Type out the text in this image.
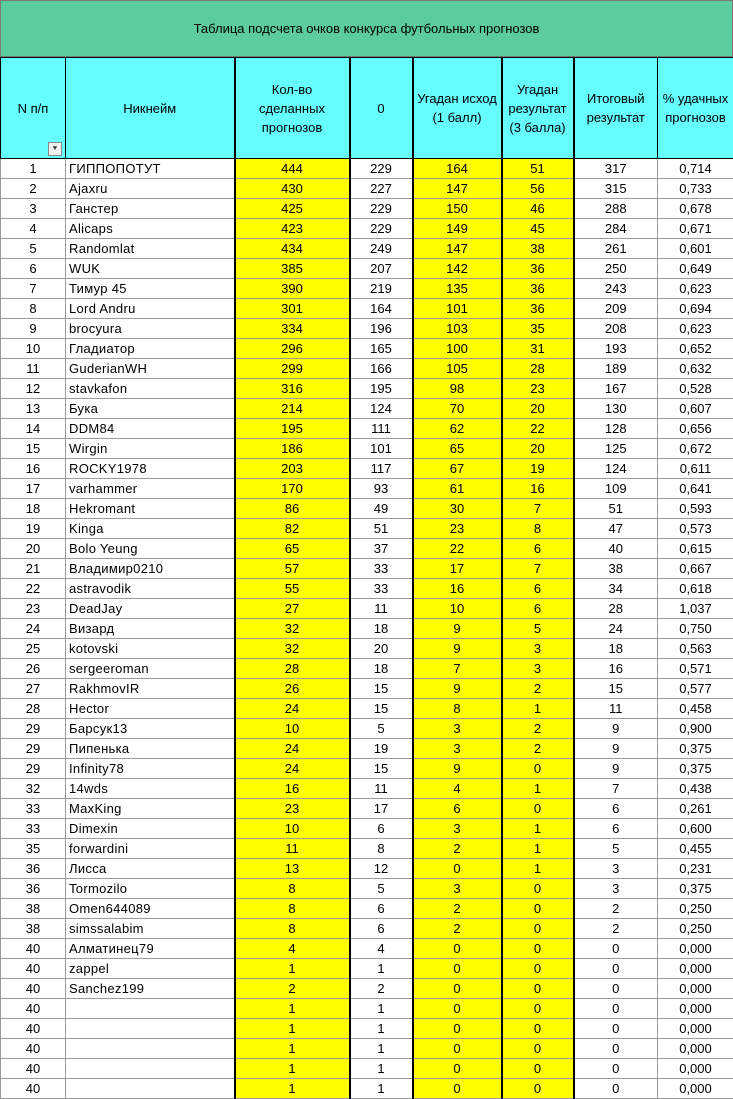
Таблица подсчета очков конкурса футбольных прогнозов
N п/п
⯆	Никнейм	Кол-во сделанных прогнозов	0	Угадан исход (1 балл)	Угадан результат (3 балла)	Итоговый результат	% удачных прогнозов
1	ГИППОПОТУТ	444	229	164	51	317	0,714
2	Ajaxru	430	227	147	56	315	0,733
3	Ганстер	425	229	150	46	288	0,678
4	Alicaps	423	229	149	45	284	0,671
5	Randomlat	434	249	147	38	261	0,601
6	WUK	385	207	142	36	250	0,649
7	Тимур 45	390	219	135	36	243	0,623
8	Lord Andru	301	164	101	36	209	0,694
9	brocyura	334	196	103	35	208	0,623
10	Гладиатор	296	165	100	31	193	0,652
11	GuderianWH	299	166	105	28	189	0,632
12	stavkafon	316	195	98	23	167	0,528
13	Бука	214	124	70	20	130	0,607
14	DDM84	195	111	62	22	128	0,656
15	Wirgin	186	101	65	20	125	0,672
16	ROCKY1978	203	117	67	19	124	0,611
17	varhammer	170	93	61	16	109	0,641
18	Hekromant	86	49	30	7	51	0,593
19	Kinga	82	51	23	8	47	0,573
20	Bolo Yeung	65	37	22	6	40	0,615
21	Владимир0210	57	33	17	7	38	0,667
22	astravodik	55	33	16	6	34	0,618
23	DeadJay	27	11	10	6	28	1,037
24	Визард	32	18	9	5	24	0,750
25	kotovski	32	20	9	3	18	0,563
26	sergeeroman	28	18	7	3	16	0,571
27	RakhmovIR	26	15	9	2	15	0,577
28	Hector	24	15	8	1	11	0,458
29	Барсук13	10	5	3	2	9	0,900
29	Пипенька	24	19	3	2	9	0,375
29	Infinity78	24	15	9	0	9	0,375
32	14wds	16	11	4	1	7	0,438
33	MaxKing	23	17	6	0	6	0,261
33	Dimexin	10	6	3	1	6	0,600
35	forwardini	11	8	2	1	5	0,455
36	Лисса	13	12	0	1	3	0,231
36	Tormozilo	8	5	3	0	3	0,375
38	Omen644089	8	6	2	0	2	0,250
38	simssalabim	8	6	2	0	2	0,250
40	Алматинец79	4	4	0	0	0	0,000
40	zappel	1	1	0	0	0	0,000
40	Sanchez199	2	2	0	0	0	0,000
40		1	1	0	0	0	0,000
40		1	1	0	0	0	0,000
40		1	1	0	0	0	0,000
40		1	1	0	0	0	0,000
40		1	1	0	0	0	0,000
